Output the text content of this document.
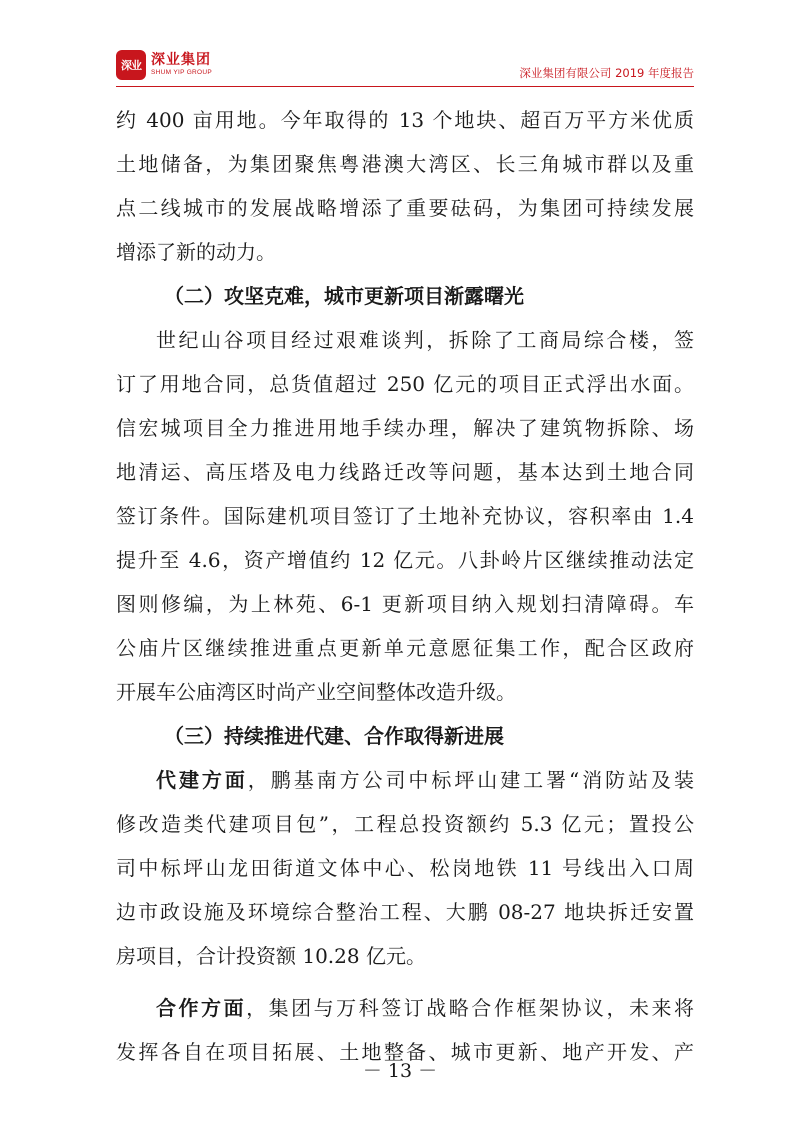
深业 深业集团
SHUM YIP GROUP	深业集团有限公司 2019 年度报告

约 400 亩用地。今年取得的 13 个地块、超百万平方米优质
土地储备，为集团聚焦粤港澳大湾区、长三角城市群以及重
点二线城市的发展战略增添了重要砝码，为集团可持续发展
增添了新的动力。

（二）攻坚克难，城市更新项目渐露曙光

世纪山谷项目经过艰难谈判，拆除了工商局综合楼，签
订了用地合同，总货值超过 250 亿元的项目正式浮出水面。
信宏城项目全力推进用地手续办理，解决了建筑物拆除、场
地清运、高压塔及电力线路迁改等问题，基本达到土地合同
签订条件。国际建机项目签订了土地补充协议，容积率由 1.4
提升至 4.6，资产增值约 12 亿元。八卦岭片区继续推动法定
图则修编，为上林苑、6-1 更新项目纳入规划扫清障碍。车
公庙片区继续推进重点更新单元意愿征集工作，配合区政府
开展车公庙湾区时尚产业空间整体改造升级。

（三）持续推进代建、合作取得新进展

代建方面，鹏基南方公司中标坪山建工署“消防站及装
修改造类代建项目包”，工程总投资额约 5.3 亿元；置投公
司中标坪山龙田街道文体中心、松岗地铁 11 号线出入口周
边市政设施及环境综合整治工程、大鹏 08-27 地块拆迁安置
房项目，合计投资额 10.28 亿元。

合作方面，集团与万科签订战略合作框架协议，未来将
发挥各自在项目拓展、土地整备、城市更新、地产开发、产

－ 13 －
